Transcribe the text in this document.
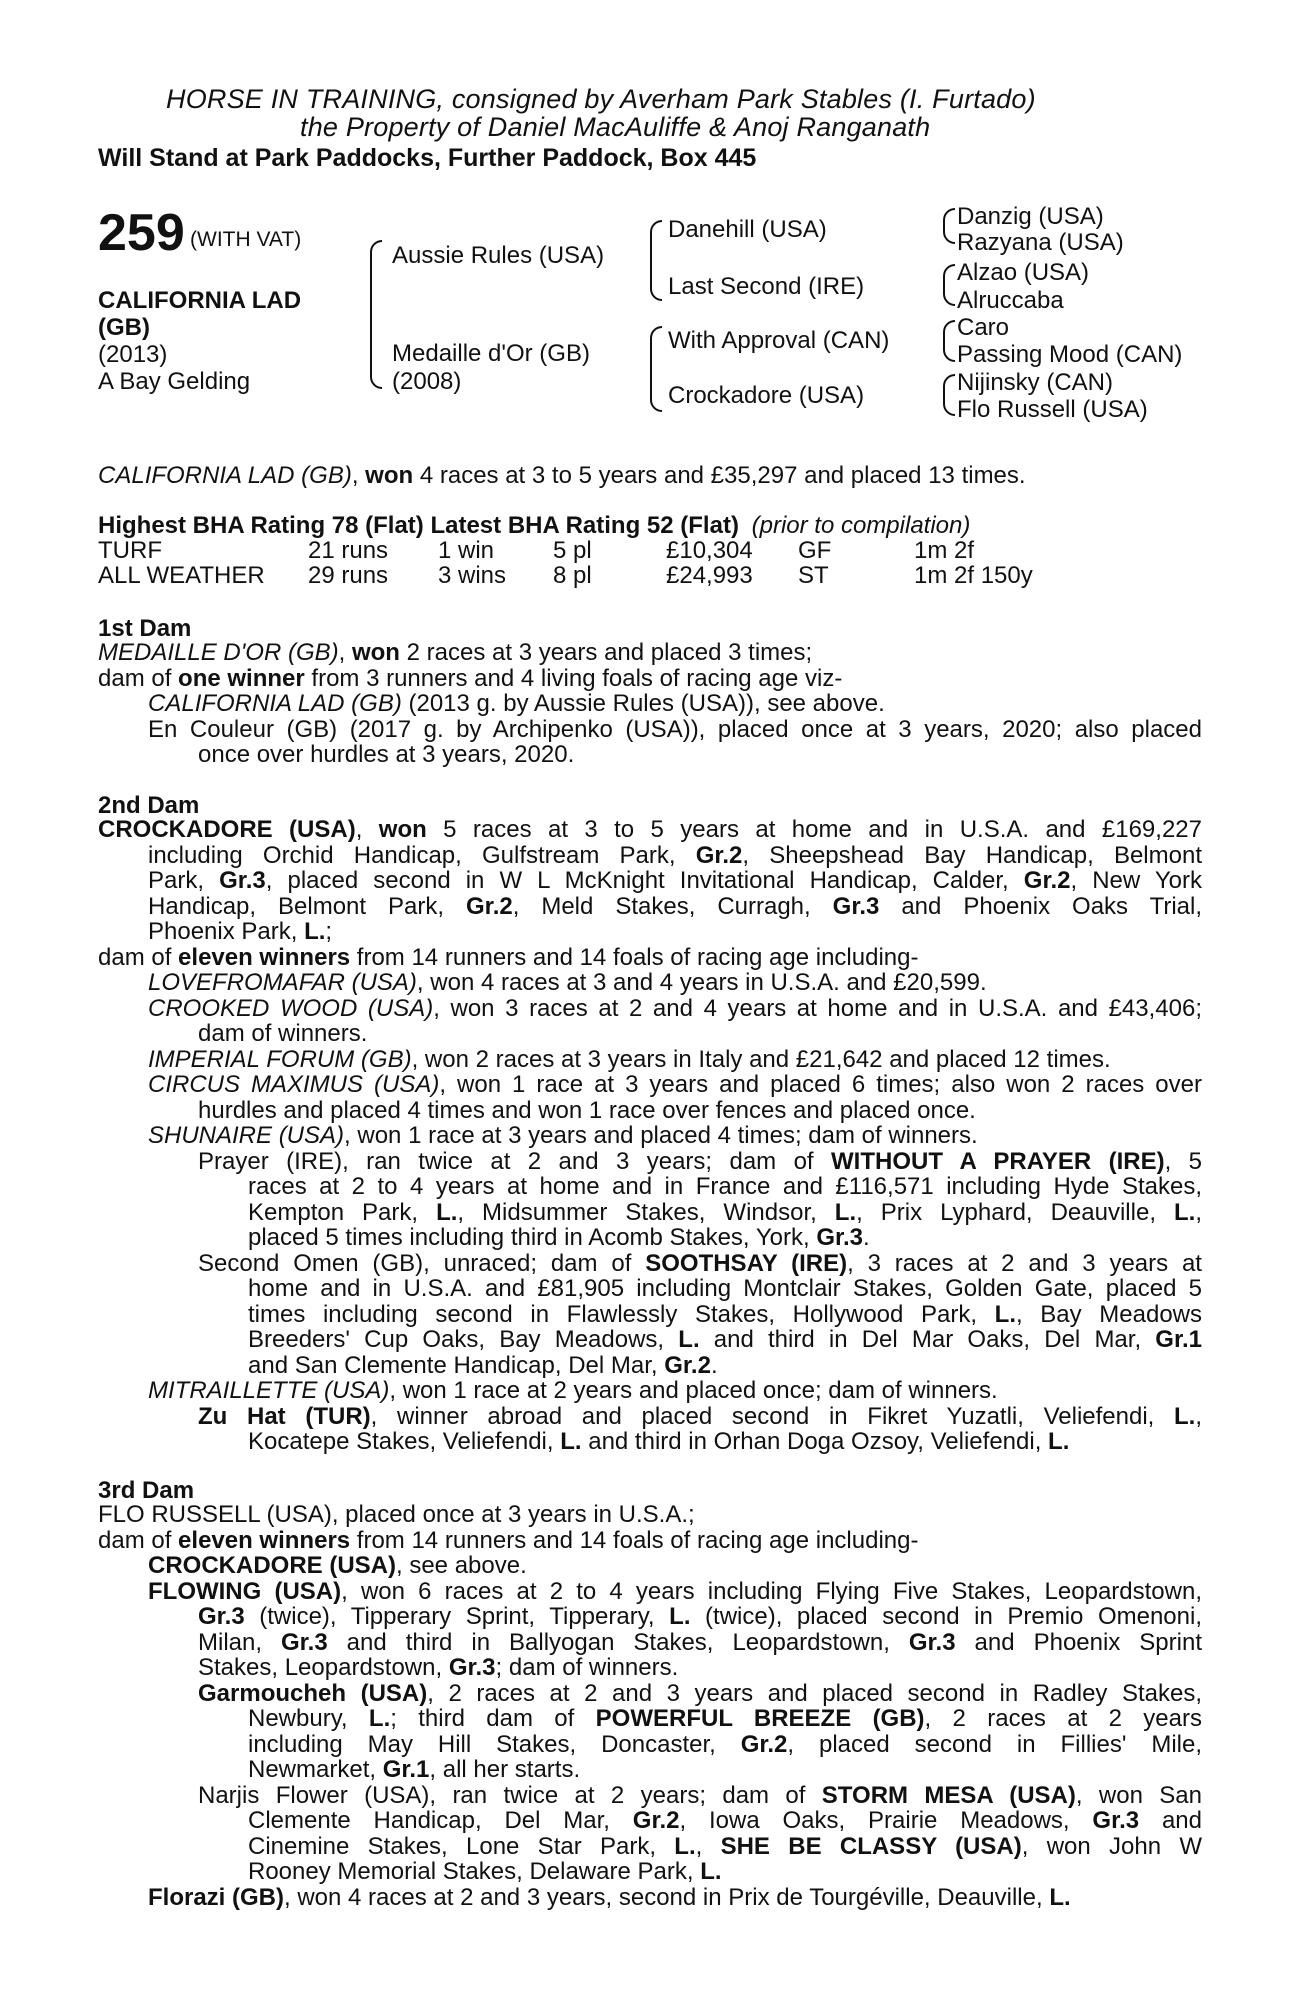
HORSE IN TRAINING, consigned by Averham Park Stables (I. Furtado)
the Property of Daniel MacAuliffe & Anoj Ranganath
Will Stand at Park Paddocks, Further Paddock, Box 445
259 (WITH VAT)
CALIFORNIA LAD
(GB)
(2013)
A Bay Gelding
Aussie Rules (USA)
Medaille d'Or (GB)
(2008)
Danehill (USA)
Last Second (IRE)
With Approval (CAN)
Crockadore (USA)
Danzig (USA)
Razyana (USA)
Alzao (USA)
Alruccaba
Caro
Passing Mood (CAN)
Nijinsky (CAN)
Flo Russell (USA)
CALIFORNIA LAD (GB), won 4 races at 3 to 5 years and £35,297 and placed 13 times.
Highest BHA Rating 78 (Flat) Latest BHA Rating 52 (Flat) (prior to compilation)
TURF	21 runs 1 win 5 pl	£10,304 GF	1m 2f
ALL WEATHER 29 runs 3 wins 8 pl	£24,993 ST	1m 2f 150y
1st Dam
MEDAILLE D'OR (GB), won 2 races at 3 years and placed 3 times;
dam of one winner from 3 runners and 4 living foals of racing age viz-
CALIFORNIA LAD (GB) (2013 g. by Aussie Rules (USA)), see above.
En Couleur (GB) (2017 g. by Archipenko (USA)), placed once at 3 years, 2020; also placed
once over hurdles at 3 years, 2020.
2nd Dam
CROCKADORE (USA), won 5 races at 3 to 5 years at home and in U.S.A. and £169,227
including Orchid Handicap, Gulfstream Park, Gr.2, Sheepshead Bay Handicap, Belmont
Park, Gr.3, placed second in W L McKnight Invitational Handicap, Calder, Gr.2, New York
Handicap, Belmont Park, Gr.2, Meld Stakes, Curragh, Gr.3 and Phoenix Oaks Trial,
Phoenix Park, L.;
dam of eleven winners from 14 runners and 14 foals of racing age including-
LOVEFROMAFAR (USA), won 4 races at 3 and 4 years in U.S.A. and £20,599.
CROOKED WOOD (USA), won 3 races at 2 and 4 years at home and in U.S.A. and £43,406;
dam of winners.
IMPERIAL FORUM (GB), won 2 races at 3 years in Italy and £21,642 and placed 12 times.
CIRCUS MAXIMUS (USA), won 1 race at 3 years and placed 6 times; also won 2 races over
hurdles and placed 4 times and won 1 race over fences and placed once.
SHUNAIRE (USA), won 1 race at 3 years and placed 4 times; dam of winners.
Prayer (IRE), ran twice at 2 and 3 years; dam of WITHOUT A PRAYER (IRE), 5
races at 2 to 4 years at home and in France and £116,571 including Hyde Stakes,
Kempton Park, L., Midsummer Stakes, Windsor, L., Prix Lyphard, Deauville, L.,
placed 5 times including third in Acomb Stakes, York, Gr.3.
Second Omen (GB), unraced; dam of SOOTHSAY (IRE), 3 races at 2 and 3 years at
home and in U.S.A. and £81,905 including Montclair Stakes, Golden Gate, placed 5
times including second in Flawlessly Stakes, Hollywood Park, L., Bay Meadows
Breeders' Cup Oaks, Bay Meadows, L. and third in Del Mar Oaks, Del Mar, Gr.1
and San Clemente Handicap, Del Mar, Gr.2.
MITRAILLETTE (USA), won 1 race at 2 years and placed once; dam of winners.
Zu Hat (TUR), winner abroad and placed second in Fikret Yuzatli, Veliefendi, L.,
Kocatepe Stakes, Veliefendi, L. and third in Orhan Doga Ozsoy, Veliefendi, L.
3rd Dam
FLO RUSSELL (USA), placed once at 3 years in U.S.A.;
dam of eleven winners from 14 runners and 14 foals of racing age including-
CROCKADORE (USA), see above.
FLOWING (USA), won 6 races at 2 to 4 years including Flying Five Stakes, Leopardstown,
Gr.3 (twice), Tipperary Sprint, Tipperary, L. (twice), placed second in Premio Omenoni,
Milan, Gr.3 and third in Ballyogan Stakes, Leopardstown, Gr.3 and Phoenix Sprint
Stakes, Leopardstown, Gr.3; dam of winners.
Garmoucheh (USA), 2 races at 2 and 3 years and placed second in Radley Stakes,
Newbury, L.; third dam of POWERFUL BREEZE (GB), 2 races at 2 years
including May Hill Stakes, Doncaster, Gr.2, placed second in Fillies' Mile,
Newmarket, Gr.1, all her starts.
Narjis Flower (USA), ran twice at 2 years; dam of STORM MESA (USA), won San
Clemente Handicap, Del Mar, Gr.2, Iowa Oaks, Prairie Meadows, Gr.3 and
Cinemine Stakes, Lone Star Park, L., SHE BE CLASSY (USA), won John W
Rooney Memorial Stakes, Delaware Park, L.
Florazi (GB), won 4 races at 2 and 3 years, second in Prix de Tourgéville, Deauville, L.
